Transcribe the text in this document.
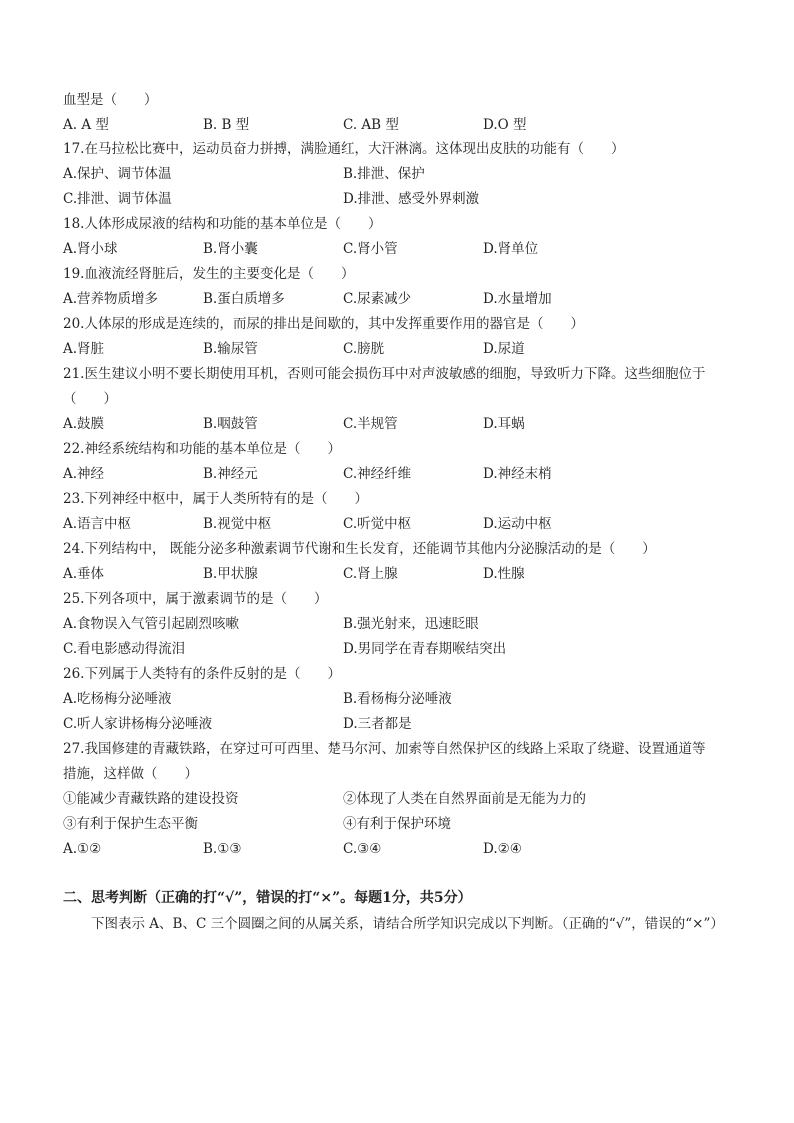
血型是（　　）
A. A 型	B. B 型	C. AB 型	D.O 型
17.在马拉松比赛中，运动员奋力拼搏，满脸通红，大汗淋漓。这体现出皮肤的功能有（　　）
A.保护、调节体温	B.排泄、保护
C.排泄、调节体温	D.排泄、感受外界刺激
18.人体形成尿液的结构和功能的基本单位是（　　）
A.肾小球	B.肾小囊	C.肾小管	D.肾单位
19.血液流经肾脏后，发生的主要变化是（　　）
A.营养物质增多	B.蛋白质增多	C.尿素减少	D.水量增加
20.人体尿的形成是连续的，而尿的排出是间歇的，其中发挥重要作用的器官是（　　）
A.肾脏	B.输尿管	C.膀胱	D.尿道
21.医生建议小明不要长期使用耳机，否则可能会损伤耳中对声波敏感的细胞，导致听力下降。这些细胞位于
（　　）
A.鼓膜	B.咽鼓管	C.半规管	D.耳蜗
22.神经系统结构和功能的基本单位是（　　）
A.神经	B.神经元	C.神经纤维	D.神经末梢
23.下列神经中枢中，属于人类所特有的是（　　）
A.语言中枢	B.视觉中枢	C.听觉中枢	D.运动中枢
24.下列结构中， 既能分泌多种激素调节代谢和生长发育，还能调节其他内分泌腺活动的是（　　）
A.垂体	B.甲状腺	C.肾上腺	D.性腺
25.下列各项中，属于激素调节的是（　　）
A.食物误入气管引起剧烈咳嗽	B.强光射来，迅速眨眼
C.看电影感动得流泪	D.男同学在青春期喉结突出
26.下列属于人类特有的条件反射的是（　　）
A.吃杨梅分泌唾液	B.看杨梅分泌唾液
C.听人家讲杨梅分泌唾液	D.三者都是
27.我国修建的青藏铁路，在穿过可可西里、楚马尔河、加索等自然保护区的线路上采取了绕避、设置通道等
措施，这样做（　　）
①能减少青藏铁路的建设投资	②体现了人类在自然界面前是无能为力的
③有利于保护生态平衡	④有利于保护环境
A.①②	B.①③	C.③④	D.②④
二、思考判断（正确的打“√”，错误的打“×”。每题1分，共5分）
下图表示 A、B、C 三个圆圈之间的从属关系，请结合所学知识完成以下判断。（正确的“√”，错误的“×”）
